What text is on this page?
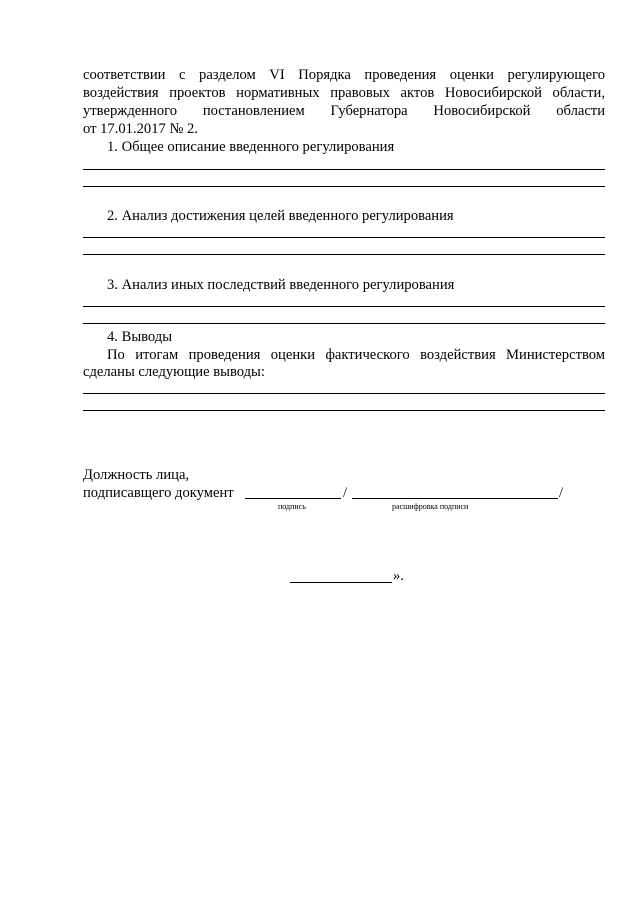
соответствии с разделом VI Порядка проведения оценки регулирующего
воздействия проектов нормативных правовых актов Новосибирской области,
утвержденного постановлением Губернатора Новосибирской области
от 17.01.2017 № 2.
1. Общее описание введенного регулирования
2. Анализ достижения целей введенного регулирования
3. Анализ иных последствий введенного регулирования
4. Выводы
По итогам проведения оценки фактического воздействия Министерством
сделаны следующие выводы:
Должность лица,
подписавщего документ	/	/
подпись	расшифровка подписи
».
